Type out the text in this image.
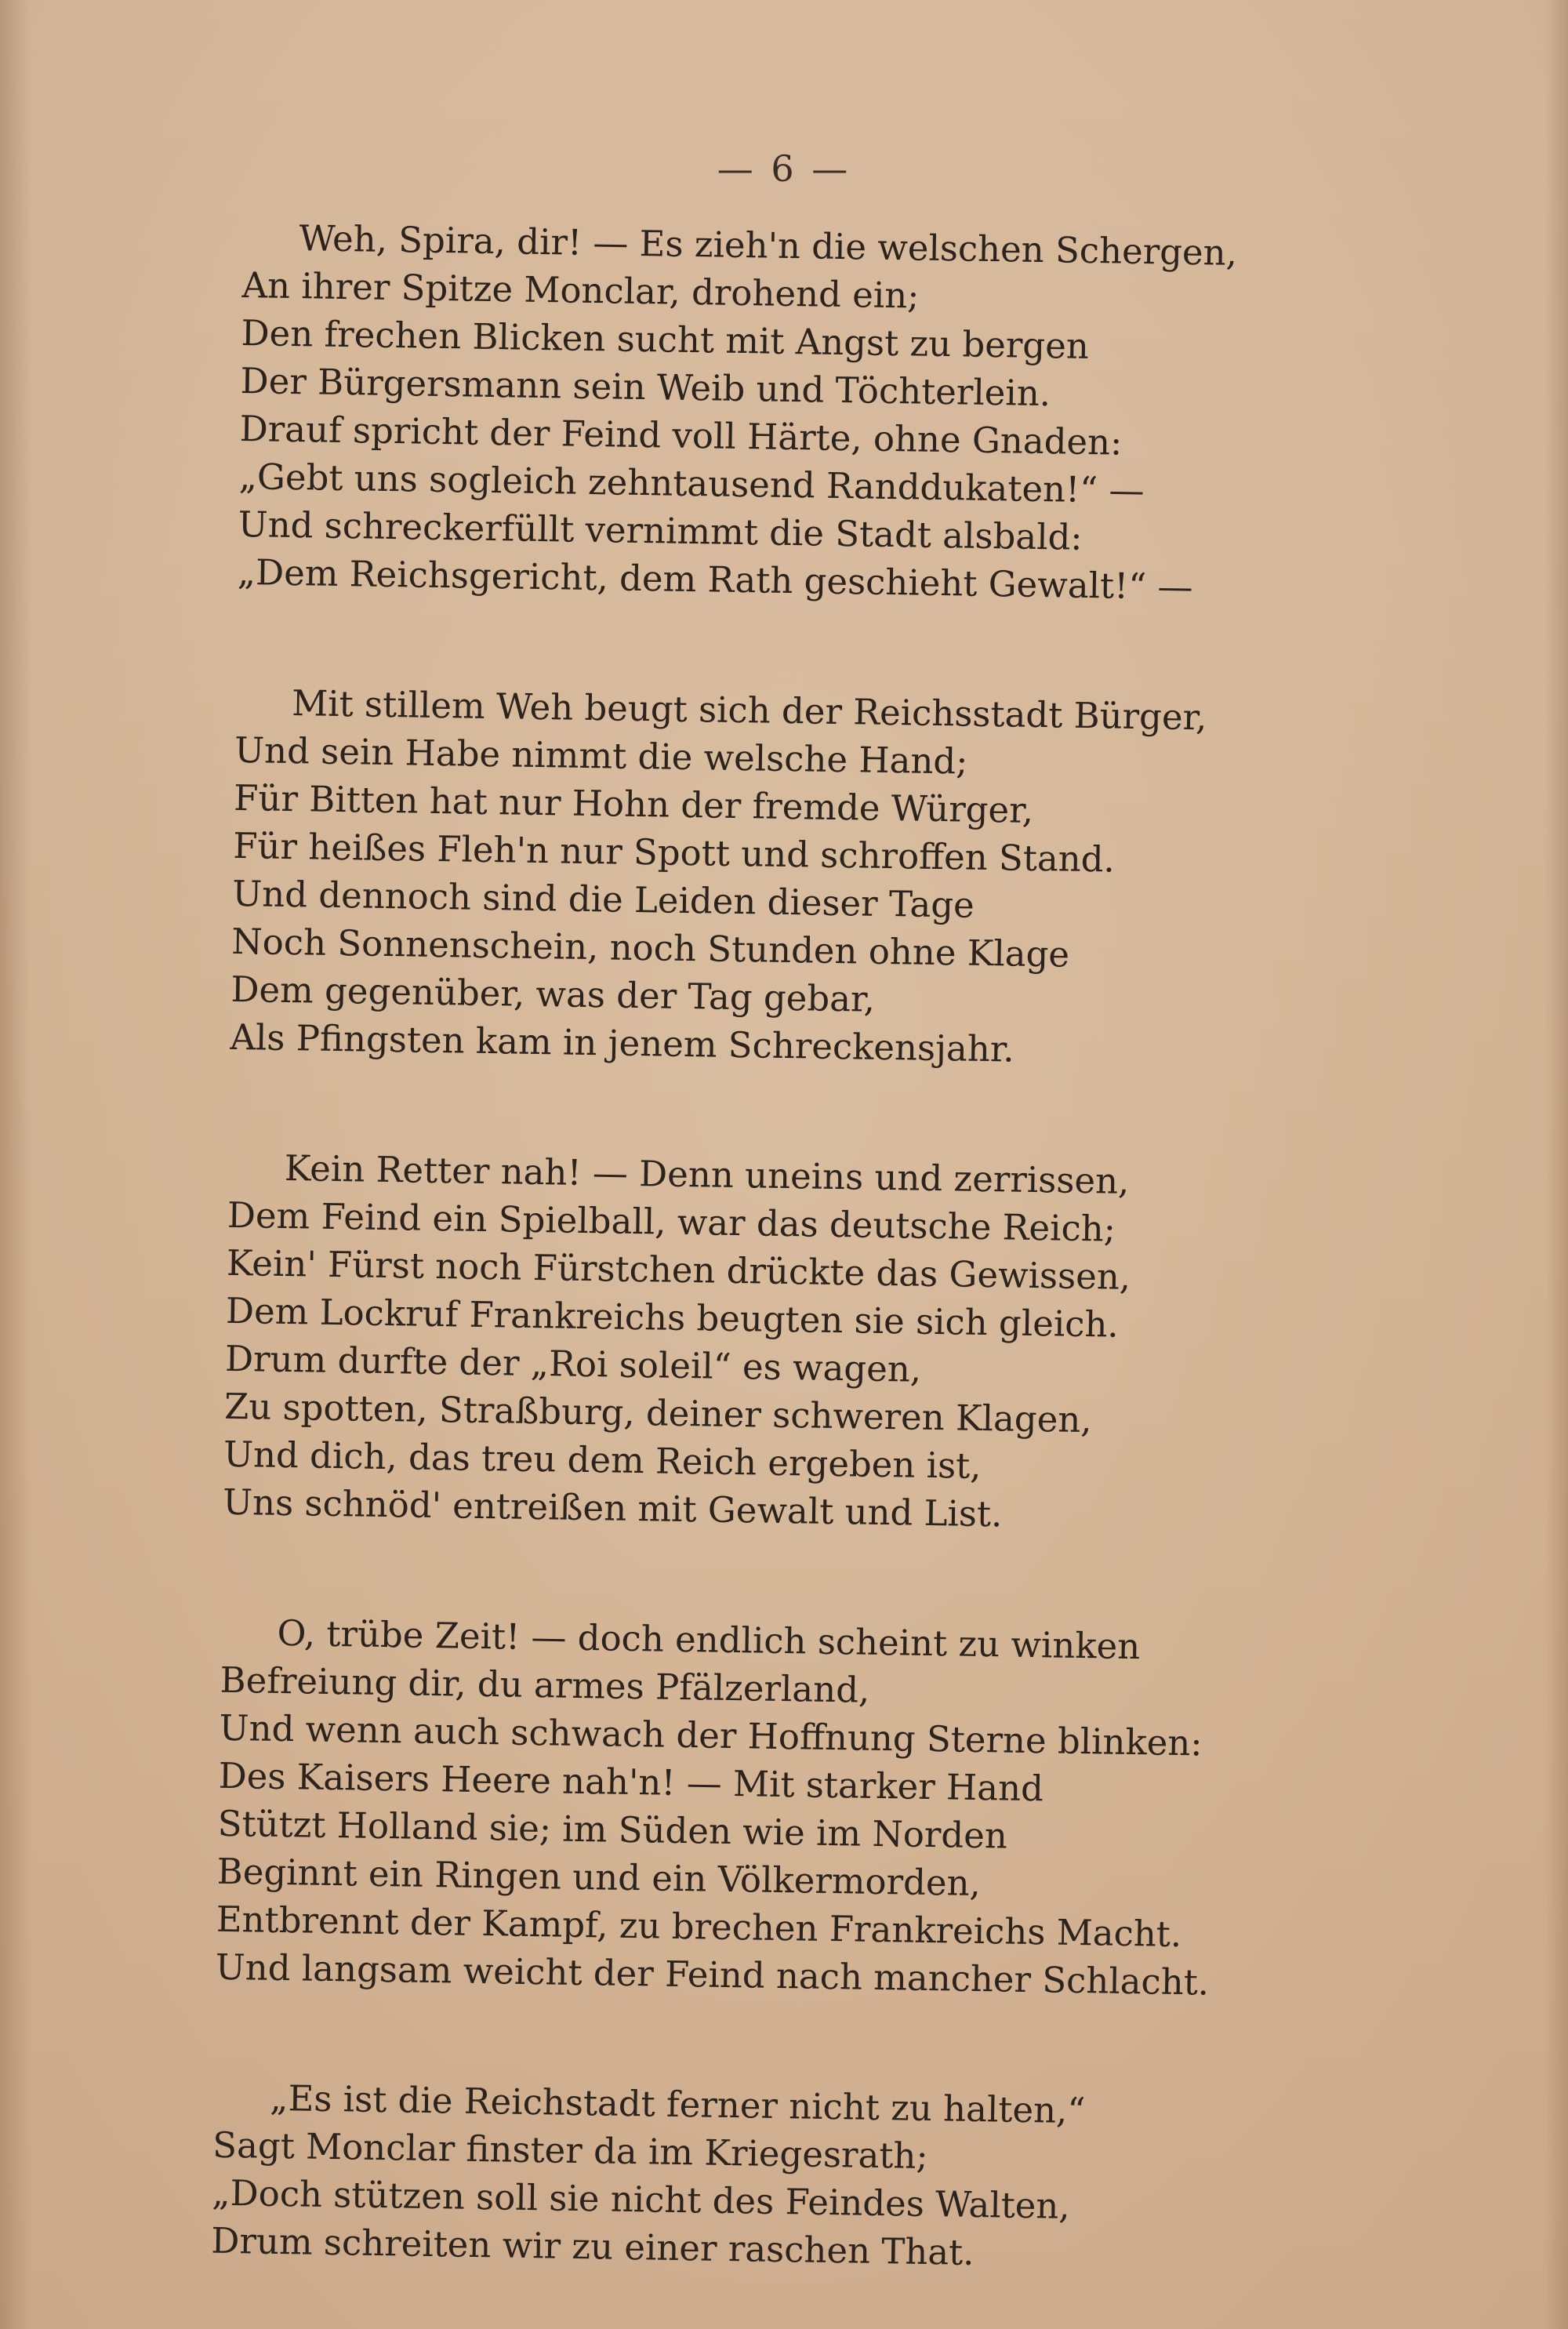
— 6 —
Weh, Spira, dir! — Es zieh'n die welschen Schergen,
An ihrer Spitze Monclar, drohend ein;
Den frechen Blicken sucht mit Angst zu bergen
Der Bürgersmann sein Weib und Töchterlein.
Drauf spricht der Feind voll Härte, ohne Gnaden:
„Gebt uns sogleich zehntausend Randdukaten!“ —
Und schreckerfüllt vernimmt die Stadt alsbald:
„Dem Reichsgericht, dem Rath geschieht Gewalt!“ —
Mit stillem Weh beugt sich der Reichsstadt Bürger,
Und sein Habe nimmt die welsche Hand;
Für Bitten hat nur Hohn der fremde Würger,
Für heißes Fleh'n nur Spott und schroffen Stand.
Und dennoch sind die Leiden dieser Tage
Noch Sonnenschein, noch Stunden ohne Klage
Dem gegenüber, was der Tag gebar,
Als Pfingsten kam in jenem Schreckensjahr.
Kein Retter nah! — Denn uneins und zerrissen,
Dem Feind ein Spielball, war das deutsche Reich;
Kein' Fürst noch Fürstchen drückte das Gewissen,
Dem Lockruf Frankreichs beugten sie sich gleich.
Drum durfte der „Roi soleil“ es wagen,
Zu spotten, Straßburg, deiner schweren Klagen,
Und dich, das treu dem Reich ergeben ist,
Uns schnöd' entreißen mit Gewalt und List.
O, trübe Zeit! — doch endlich scheint zu winken
Befreiung dir, du armes Pfälzerland,
Und wenn auch schwach der Hoffnung Sterne blinken:
Des Kaisers Heere nah'n! — Mit starker Hand
Stützt Holland sie; im Süden wie im Norden
Beginnt ein Ringen und ein Völkermorden,
Entbrennt der Kampf, zu brechen Frankreichs Macht.
Und langsam weicht der Feind nach mancher Schlacht.
„Es ist die Reichstadt ferner nicht zu halten,“
Sagt Monclar finster da im Kriegesrath;
„Doch stützen soll sie nicht des Feindes Walten,
Drum schreiten wir zu einer raschen That.
